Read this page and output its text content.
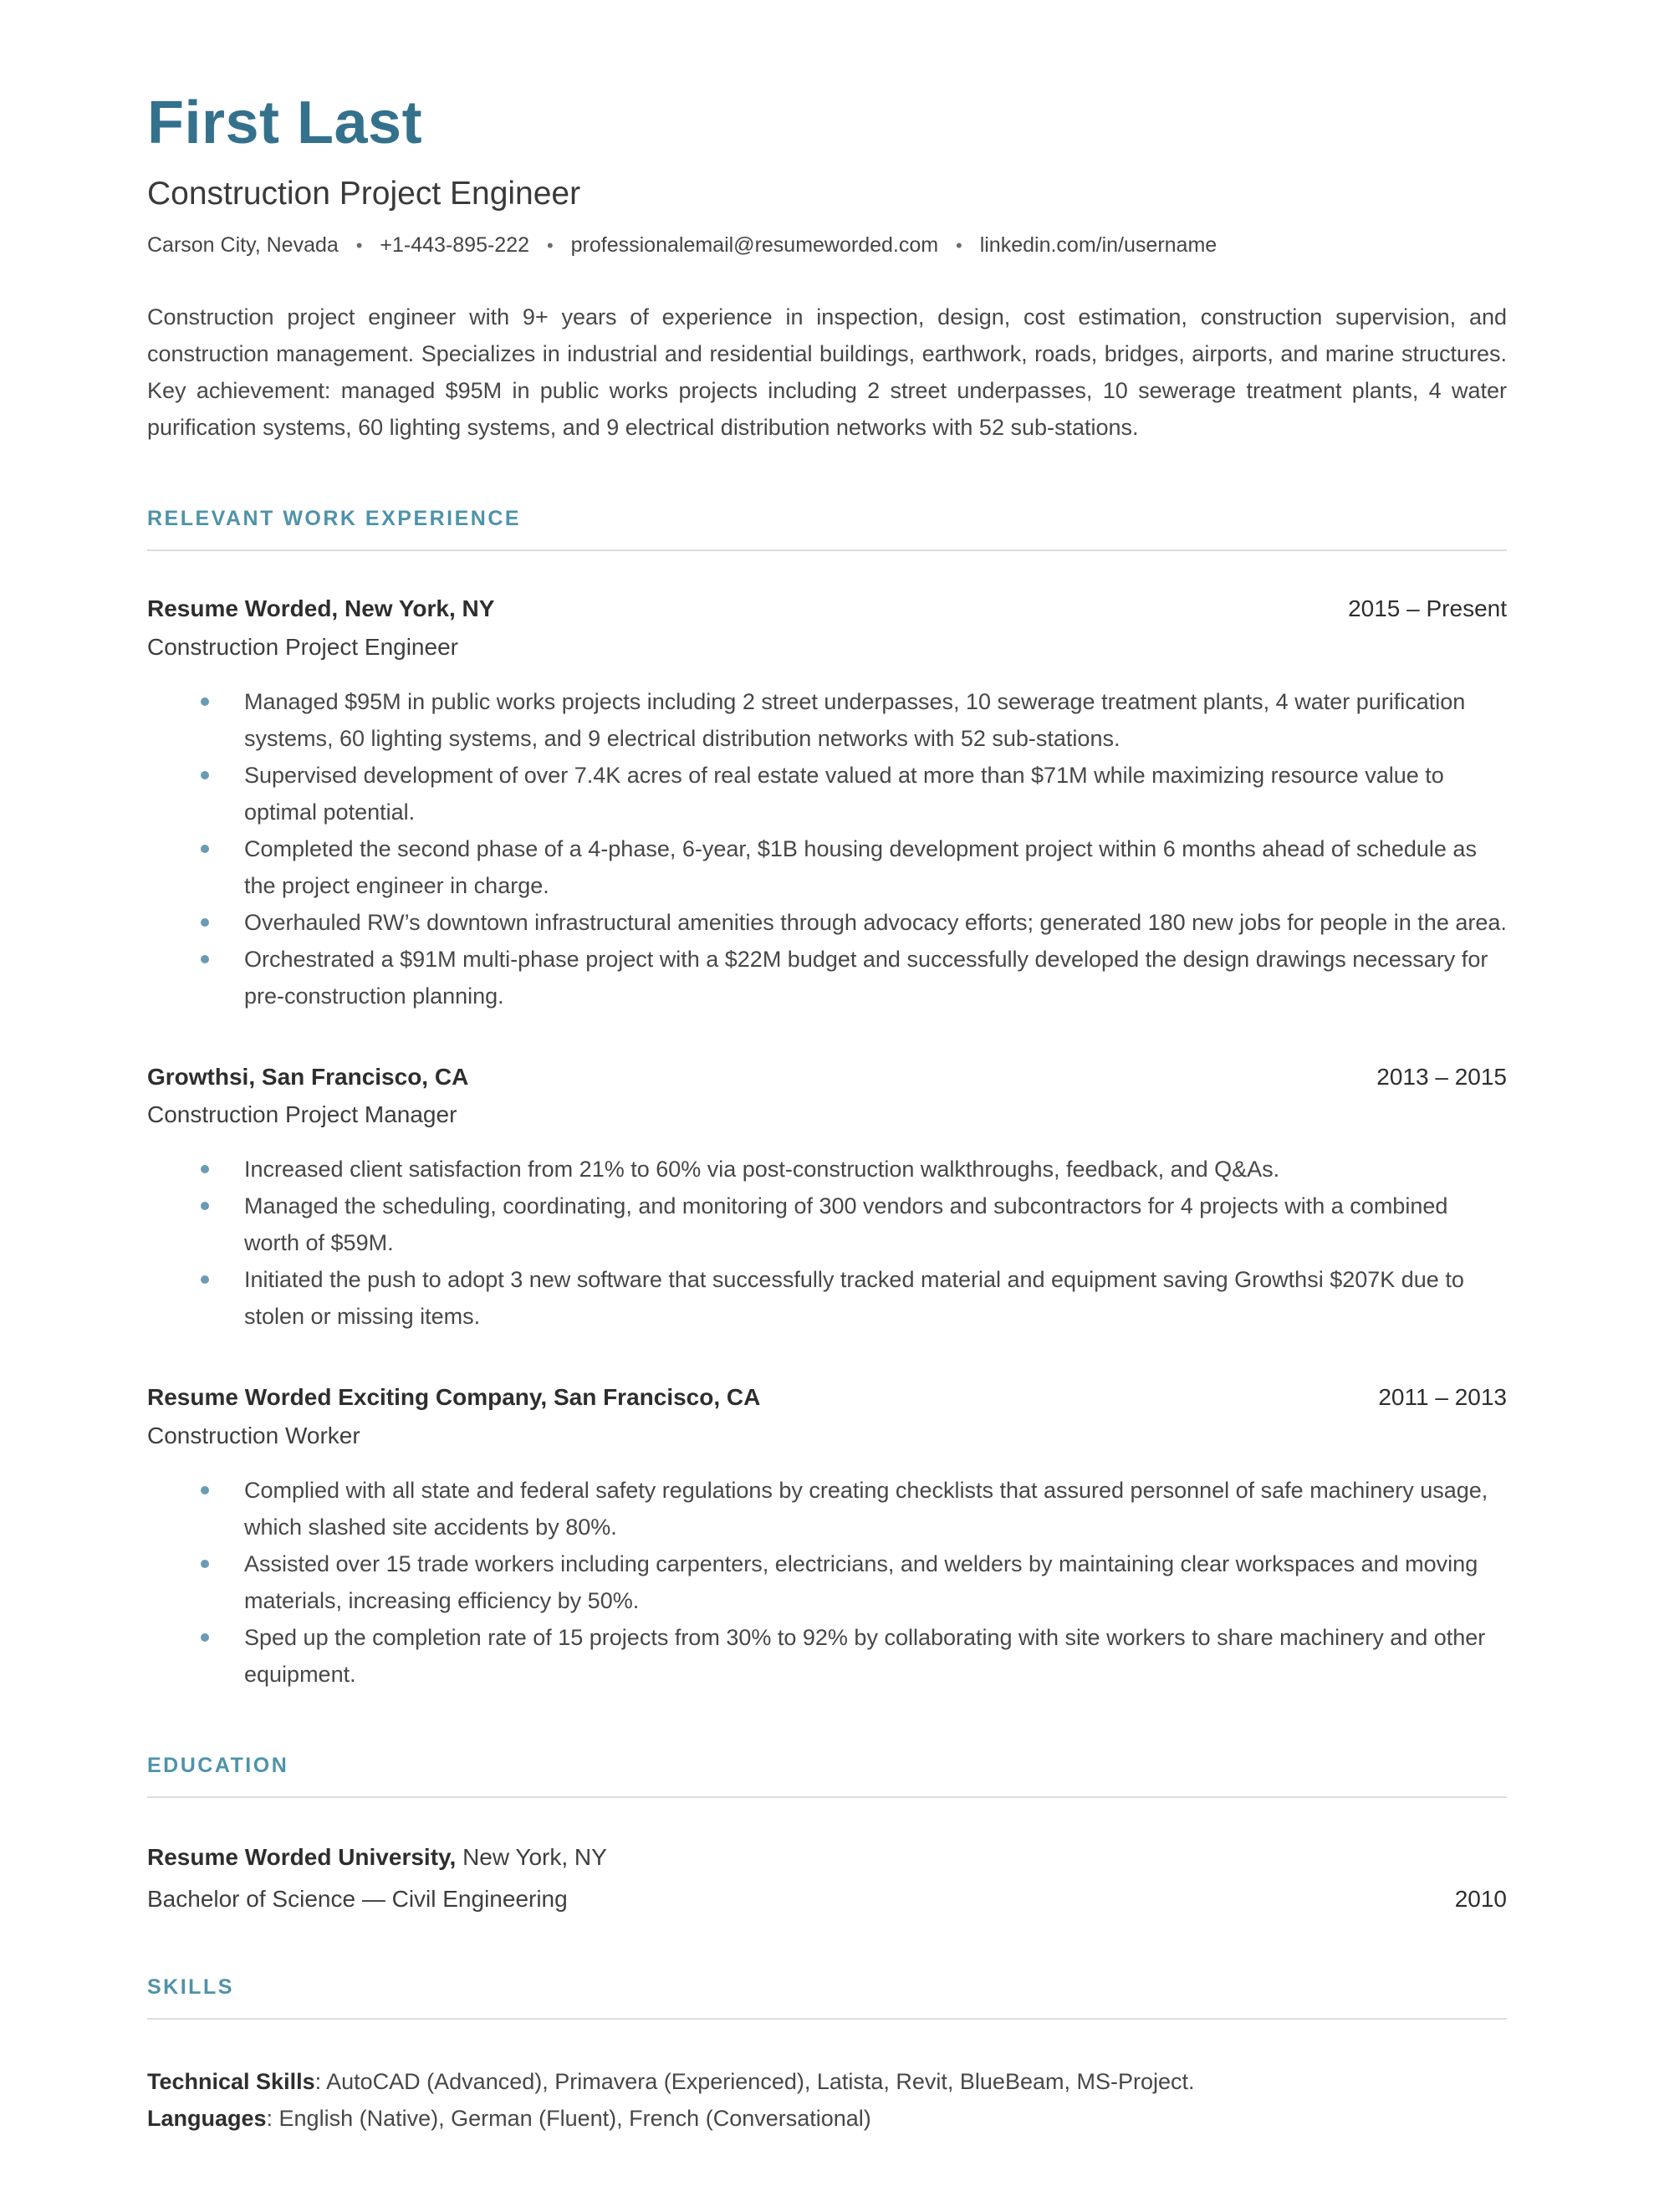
First Last
Construction Project Engineer
Carson City, Nevada • +1-443-895-222 • professionalemail@resumeworded.com • linkedin.com/in/username

Construction project engineer with 9+ years of experience in inspection, design, cost estimation, construction supervision, and construction management. Specializes in industrial and residential buildings, earthwork, roads, bridges, airports, and marine structures. Key achievement: managed $95M in public works projects including 2 street underpasses, 10 sewerage treatment plants, 4 water purification systems, 60 lighting systems, and 9 electrical distribution networks with 52 sub-stations.

RELEVANT WORK EXPERIENCE
Resume Worded, New York, NY	2015 – Present
Construction Project Engineer
Managed $95M in public works projects including 2 street underpasses, 10 sewerage treatment plants, 4 water purification systems, 60 lighting systems, and 9 electrical distribution networks with 52 sub-stations.
Supervised development of over 7.4K acres of real estate valued at more than $71M while maximizing resource value to optimal potential.
Completed the second phase of a 4-phase, 6-year, $1B housing development project within 6 months ahead of schedule as the project engineer in charge.
Overhauled RW’s downtown infrastructural amenities through advocacy efforts; generated 180 new jobs for people in the area.
Orchestrated a $91M multi-phase project with a $22M budget and successfully developed the design drawings necessary for pre-construction planning.
Growthsi, San Francisco, CA	2013 – 2015
Construction Project Manager
Increased client satisfaction from 21% to 60% via post-construction walkthroughs, feedback, and Q&As.
Managed the scheduling, coordinating, and monitoring of 300 vendors and subcontractors for 4 projects with a combined worth of $59M.
Initiated the push to adopt 3 new software that successfully tracked material and equipment saving Growthsi $207K due to stolen or missing items.
Resume Worded Exciting Company, San Francisco, CA	2011 – 2013
Construction Worker
Complied with all state and federal safety regulations by creating checklists that assured personnel of safe machinery usage, which slashed site accidents by 80%.
Assisted over 15 trade workers including carpenters, electricians, and welders by maintaining clear workspaces and moving materials, increasing efficiency by 50%.
Sped up the completion rate of 15 projects from 30% to 92% by collaborating with site workers to share machinery and other equipment.
EDUCATION
Resume Worded University, New York, NY
Bachelor of Science — Civil Engineering	2010
SKILLS
Technical Skills: AutoCAD (Advanced), Primavera (Experienced), Latista, Revit, BlueBeam, MS-Project.
Languages: English (Native), German (Fluent), French (Conversational)
